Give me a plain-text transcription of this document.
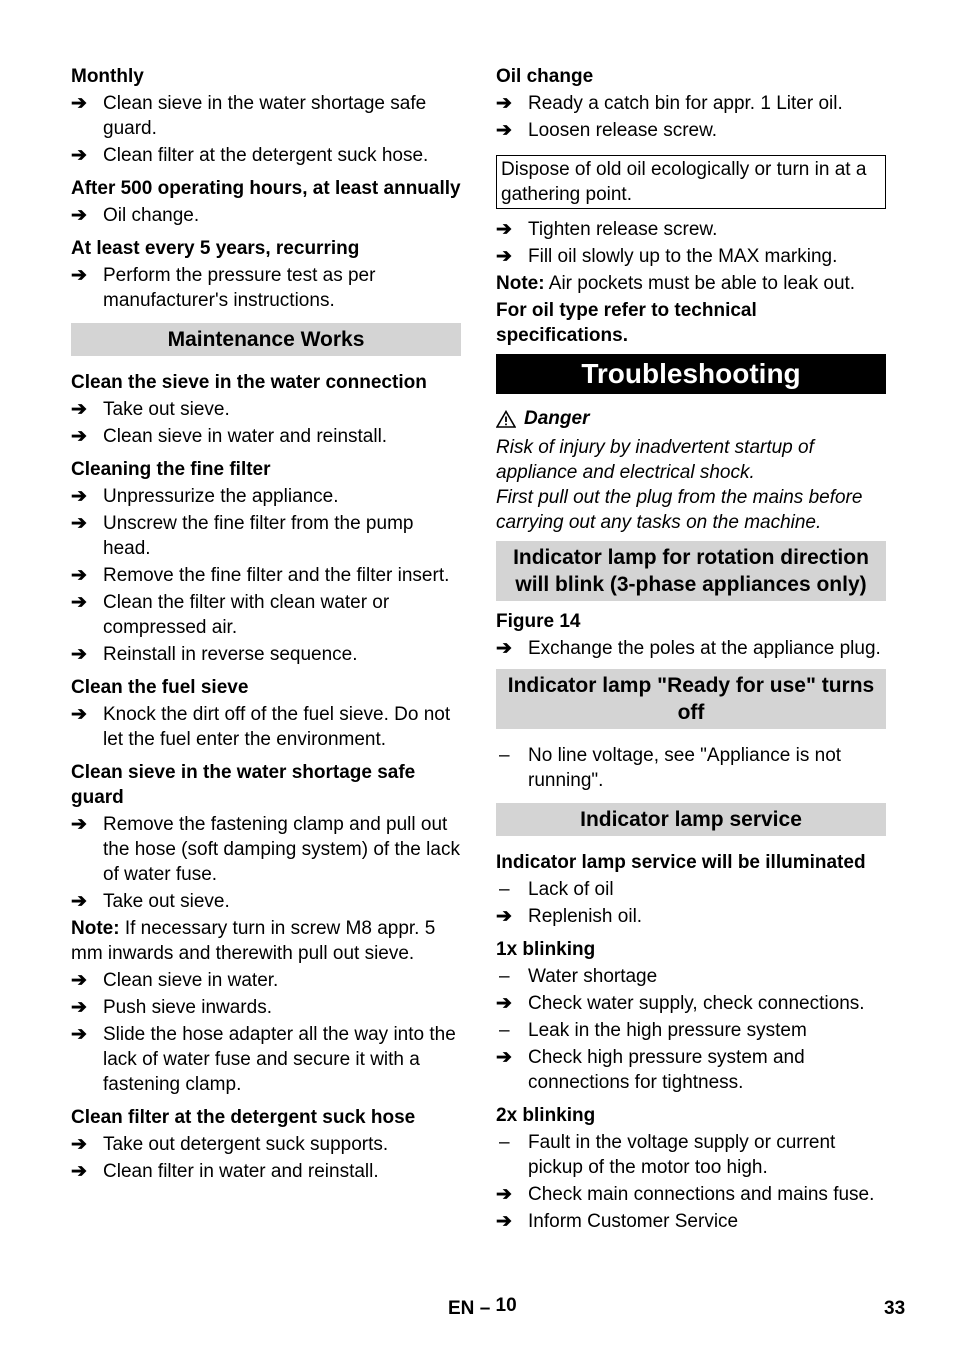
Monthly
➔ Clean sieve in the water shortage safe guard.
➔ Clean filter at the detergent suck hose.
After 500 operating hours, at least annually
➔ Oil change.
At least every 5 years, recurring
➔ Perform the pressure test as per manufacturer's instructions.
Maintenance Works
Clean the sieve in the water connection
➔ Take out sieve.
➔ Clean sieve in water and reinstall.
Cleaning the fine filter
➔ Unpressurize the appliance.
➔ Unscrew the fine filter from the pump head.
➔ Remove the fine filter and the filter insert.
➔ Clean the filter with clean water or compressed air.
➔ Reinstall in reverse sequence.
Clean the fuel sieve
➔ Knock the dirt off of the fuel sieve. Do not let the fuel enter the environment.
Clean sieve in the water shortage safe guard
➔ Remove the fastening clamp and pull out the hose (soft damping system) of the lack of water fuse.
➔ Take out sieve.
Note: If necessary turn in screw M8 appr. 5 mm inwards and therewith pull out sieve.
➔ Clean sieve in water.
➔ Push sieve inwards.
➔ Slide the hose adapter all the way into the lack of water fuse and secure it with a fastening clamp.
Clean filter at the detergent suck hose
➔ Take out detergent suck supports.
➔ Clean filter in water and reinstall.
Oil change
➔ Ready a catch bin for appr. 1 Liter oil.
➔ Loosen release screw.
Dispose of old oil ecologically or turn in at a gathering point.
➔ Tighten release screw.
➔ Fill oil slowly up to the MAX marking.
Note: Air pockets must be able to leak out.
For oil type refer to technical specifications.
Troubleshooting
Danger
Risk of injury by inadvertent startup of appliance and electrical shock.
First pull out the plug from the mains before carrying out any tasks on the machine.
Indicator lamp for rotation direction will blink (3-phase appliances only)
Figure 14
➔ Exchange the poles at the appliance plug.
Indicator lamp "Ready for use" turns off
– No line voltage, see "Appliance is not running".
Indicator lamp service
Indicator lamp service will be illuminated
– Lack of oil
➔ Replenish oil.
1x blinking
– Water shortage
➔ Check water supply, check connections.
– Leak in the high pressure system
➔ Check high pressure system and connections for tightness.
2x blinking
– Fault in the voltage supply or current pickup of the motor too high.
➔ Check main connections and mains fuse.
➔ Inform Customer Service
EN – 10	33
